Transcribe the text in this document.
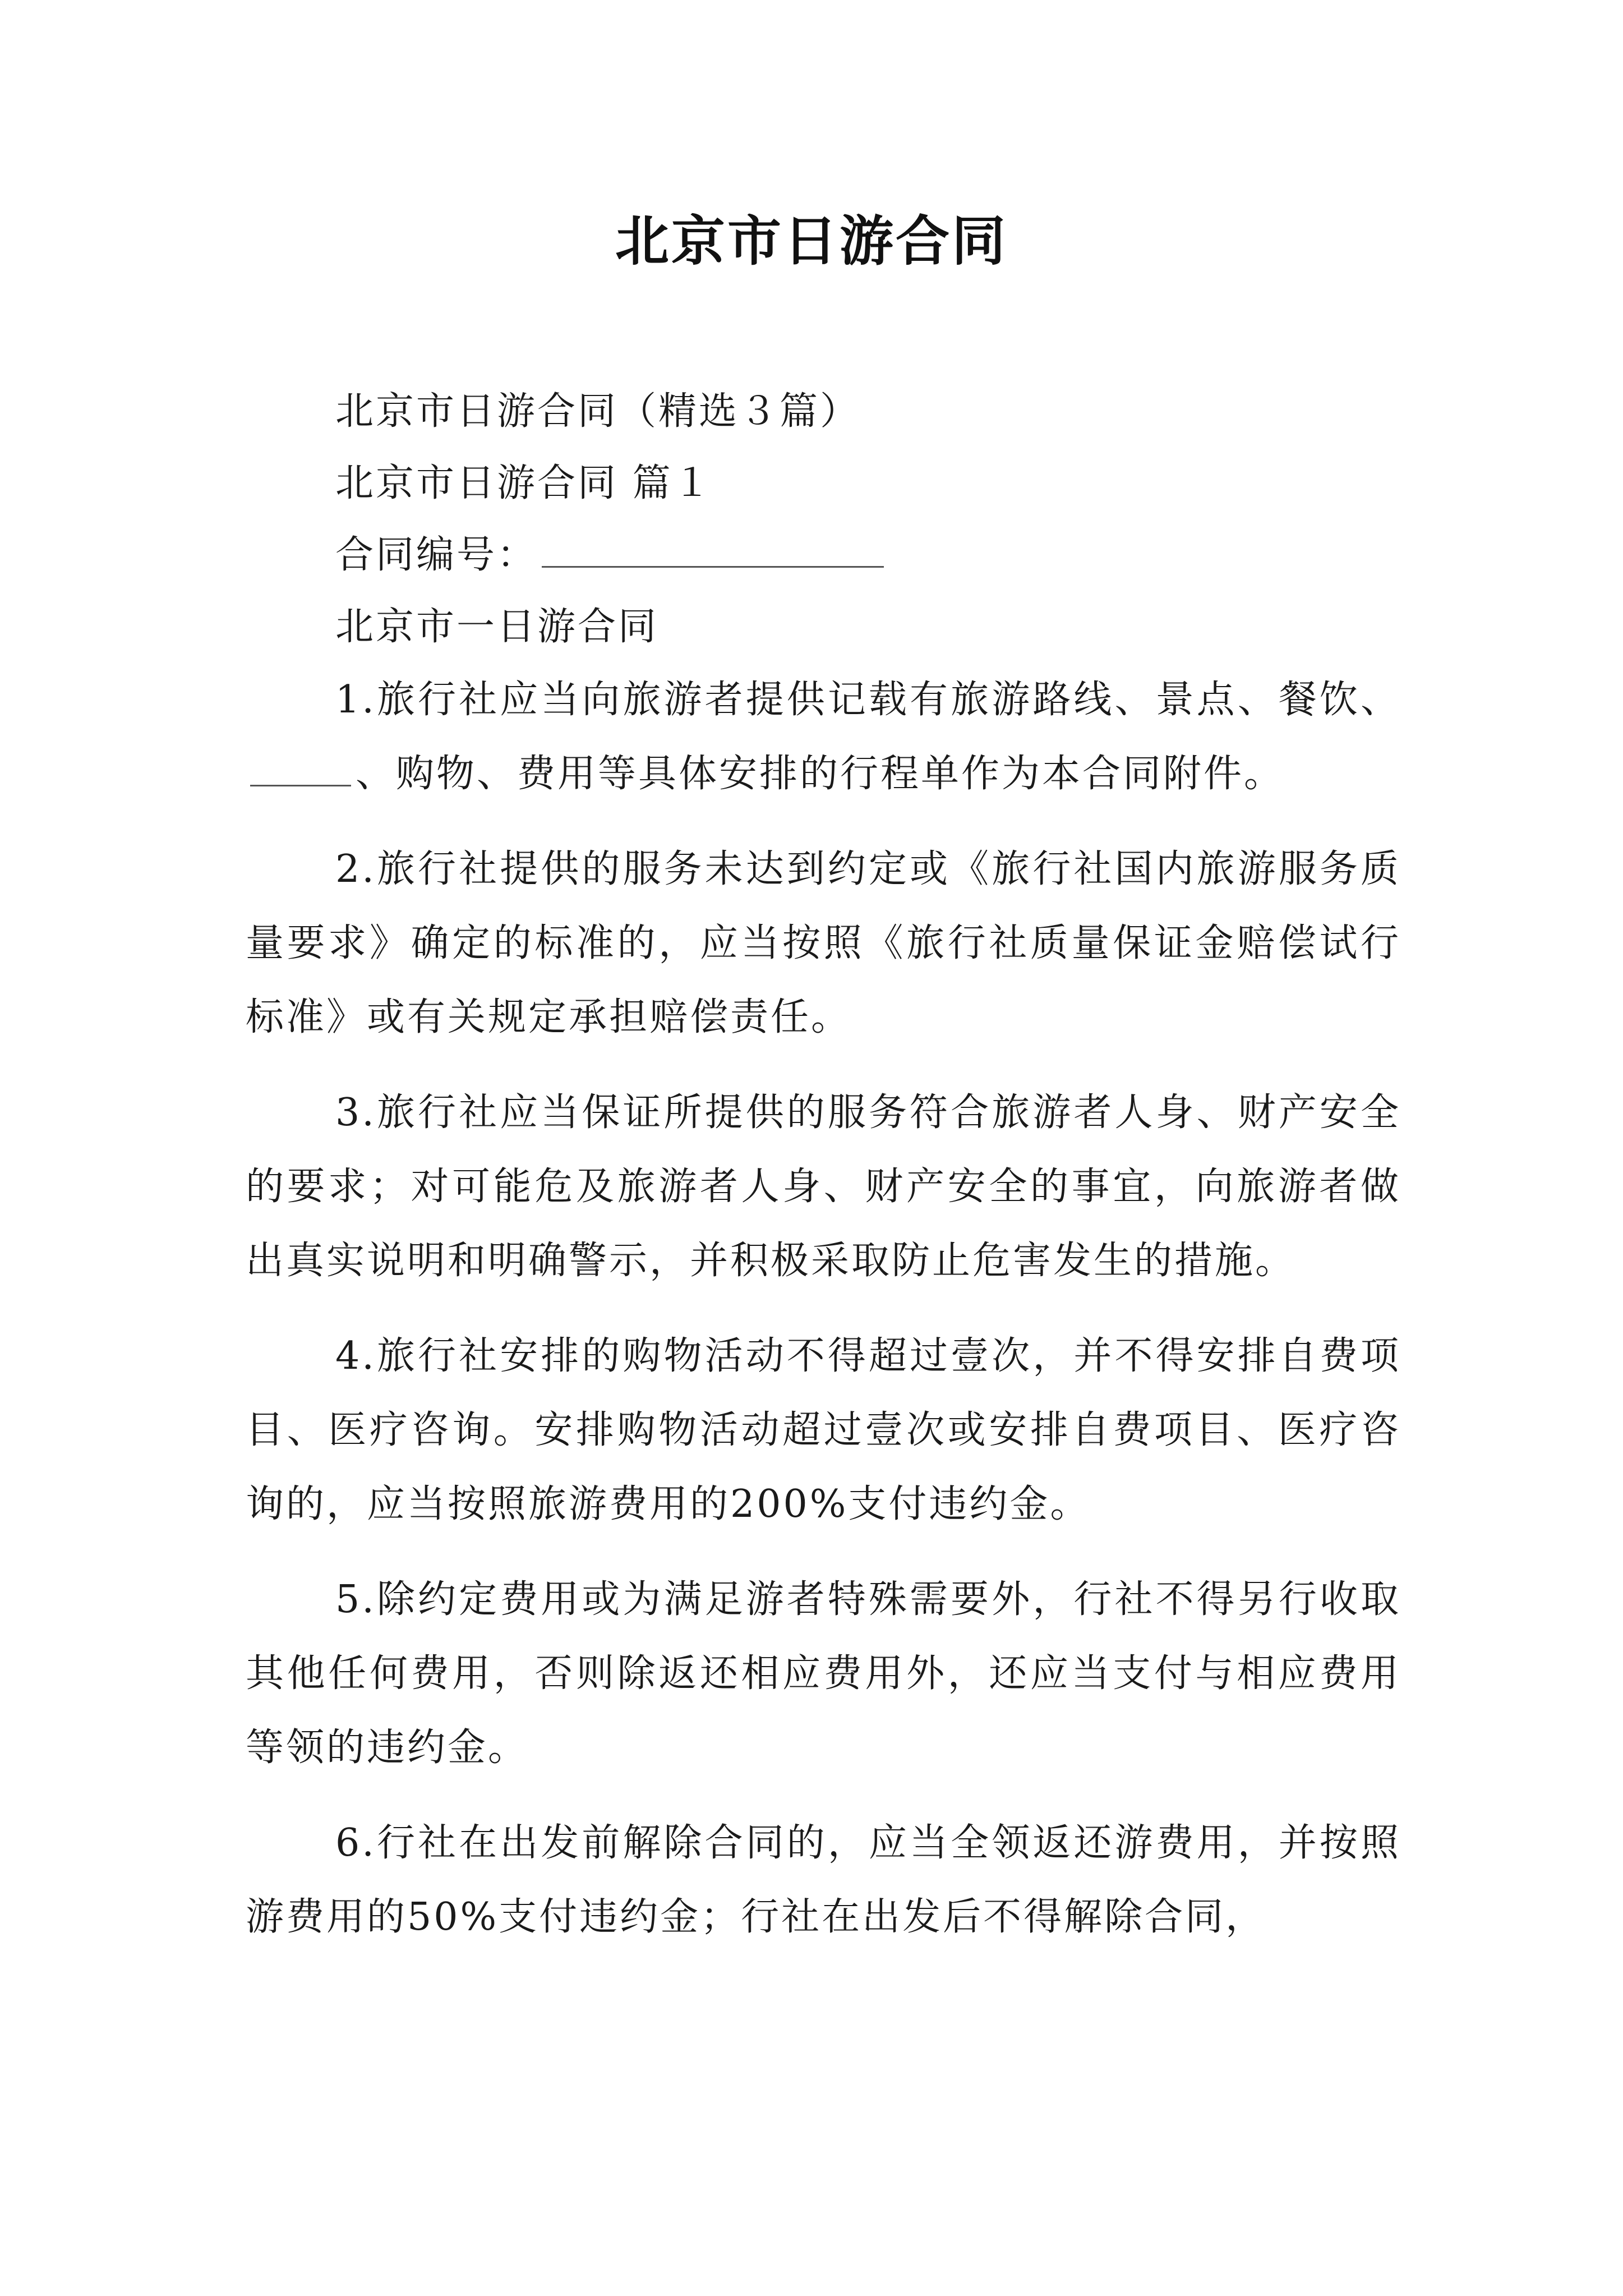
北京市日游合同

北京市日游合同（精选３篇）

北京市日游合同 篇１

合同编号：

北京市一日游合同

1.旅行社应当向旅游者提供记载有旅游路线、景点、餐饮、、购物、费用等具体安排的行程单作为本合同附件。

2.旅行社提供的服务未达到约定或《旅行社国内旅游服务质量要求》确定的标准的，应当按照《旅行社质量保证金赔偿试行标准》或有关规定承担赔偿责任。

3.旅行社应当保证所提供的服务符合旅游者人身、财产安全的要求；对可能危及旅游者人身、财产安全的事宜，向旅游者做出真实说明和明确警示，并积极采取防止危害发生的措施。

4.旅行社安排的购物活动不得超过壹次，并不得安排自费项目、医疗咨询。安排购物活动超过壹次或安排自费项目、医疗咨询的，应当按照旅游费用的200%支付违约金。

5.除约定费用或为满足游者特殊需要外，行社不得另行收取其他任何费用，否则除返还相应费用外，还应当支付与相应费用等领的违约金。

6.行社在出发前解除合同的，应当全领返还游费用，并按照游费用的50%支付违约金；行社在出发后不得解除合同，
